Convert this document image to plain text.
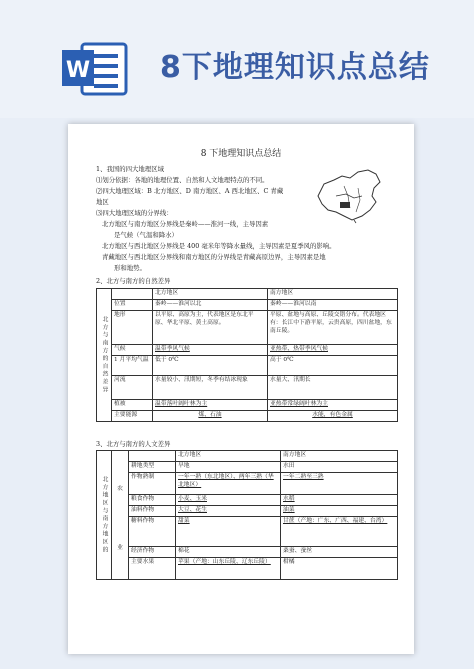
W 8下地理知识点总结
8 下地理知识点总结
1、我国的四大地理区域
⑴划分依据：各地的地理位置、自然和人文地理特点的不同。
⑵四大地理区域：B 北方地区、D 南方地区、A 西北地区、C 青藏
地区
⑶四大地理区域的分界线：
北方地区与南方地区分界线是秦岭——淮河一线，主导因素
是气候（气温和降水）
北方地区与西北地区分界线是 400 毫米年等降水量线，主导因素是夏季风的影响。
青藏地区与西北地区分界线和南方地区的分界线是青藏高原边界，主导因素是地
形和地势。
2、北方与南方的自然差异
北方与南方的自然差异		北方地区	南方地区
	位置	秦岭——淮河以北	秦岭——淮河以南
	地形	以平原、高原为主，代表地区是东北平原、华北平原、黄土高原。	平原、盆地与高原、丘陵交错分布。代表地区有：长江中下游平原，云贵高原，四川盆地，东南丘陵。
	气候	温带季风气候	亚热带、热带季风气候
	1 月平均气温	低于 0℃	高于 0℃
	河流	水量较小、汛期短，冬季有结冰现象	水量大、汛期长
	植被	温带落叶阔叶林为主	亚热带常绿阔叶林为主
	主要能源	煤、石油	水能，有色金属
3、北方与南方的人文差异
北方地区与南方地区的			北方地区	南方地区
	农	耕地类型	旱地	水田
		作物熟制	一年一熟（东北地区）、两年三熟（华北地区）	一年二熟至三熟
		粮食作物	小麦、玉米	水稻
		油料作物	大豆、花生	油菜
	业	糖料作物	甜菜	甘蔗（产地：广东、广西、福建、台湾）
		经济作物	棉花	桑蚕、蚕丝
		主要水果	苹果（产地：山东丘陵、辽东丘陵）	柑橘
